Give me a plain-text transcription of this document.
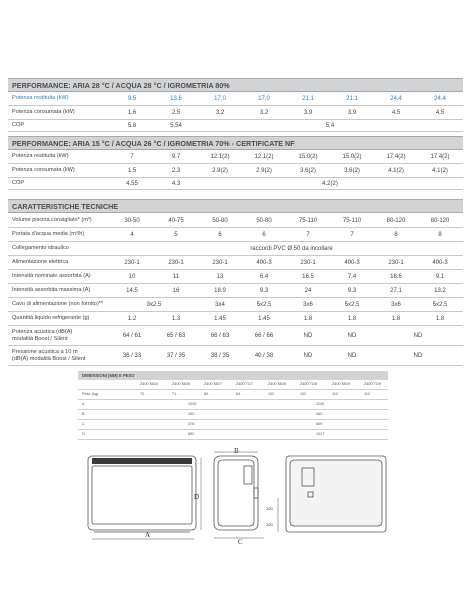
PERFORMANCE: ARIA 28 °C / ACQUA 28 °C / IGROMETRIA 80%
Potenza restituita (kW)	9.5	13.6	17.0	17.0	21.1	21.1	24.4	24.4
Potenza consumata (kW)	1.6	2.5	3.2	3.2	3.9	3.9	4.5	4.5
COP	5.8	5.54	5.4
PERFORMANCE: ARIA 15 °C / ACQUA 26 °C / IGROMETRIA 70% - CERTIFICATE NF
Potenza restituita (kW)	7	9.7	12.1(2)	12.1(2)	15.0(2)	15.0(2)	17.4(2)	17.4(2)
Potenza consumata (kW)	1.5	2.3	2.9(2)	2.9(2)	3.6(2)	3.6(2)	4.1(2)	4.1(2)
COP	4.55	4.3	4.2(2)
CARATTERISTICHE TECNICHE
Volume piscina consigliato* (m³)	30-50	40-75	50-80	50-80	75-110	75-110	80-120	80-120
Portata d'acqua media (m³/h)	4	5	6	6	7	7	8	8
Collegamento idraulico	raccordi PVC Ø 50 da incollare
Alimentazione elettrica	230-1	230-1	230-1	400-3	230-1	400-3	230-1	400-3
Intensità nominale assorbita (A)	10	11	13	6.4	16.5	7.4	18.6	9.1
Intensità assorbita massima (A)	14.5	16	18.9	9.3	24	9.3	27.1	13.2
Cavo di alimentazione (non fornito)**	3x2.5	3x4	5x2.5	3x6	5x2.5	3x6	5x2.5
Quantità liquido refrigerante (g)	1.2	1.3	1.45	1.45	1.8	1.8	1.8	1.8
Potenza acustica (dB(A)
modalità Boost / Silent	64 / 61	65 / 63	66 / 63	66 / 66	ND	ND	ND
Pressione acustica a 10 m
(dB(A) modalità Boost / Silent	36 / 33	37 / 35	38 / 35	40 / 38	ND	ND	ND
DIMENSIONI (MM) E PESO
Z400 MD4	Z400 MD5	Z400 MD7	Z400 TD7	Z400 MD8	Z400 TD8	Z400 MD9	Z400 TD9
Peso (kg)	70	71	80	84	100	100	110	110
A	1030	1140
B	450	460
C	478	609
D	660	1027
A
D
B
C
100
100
